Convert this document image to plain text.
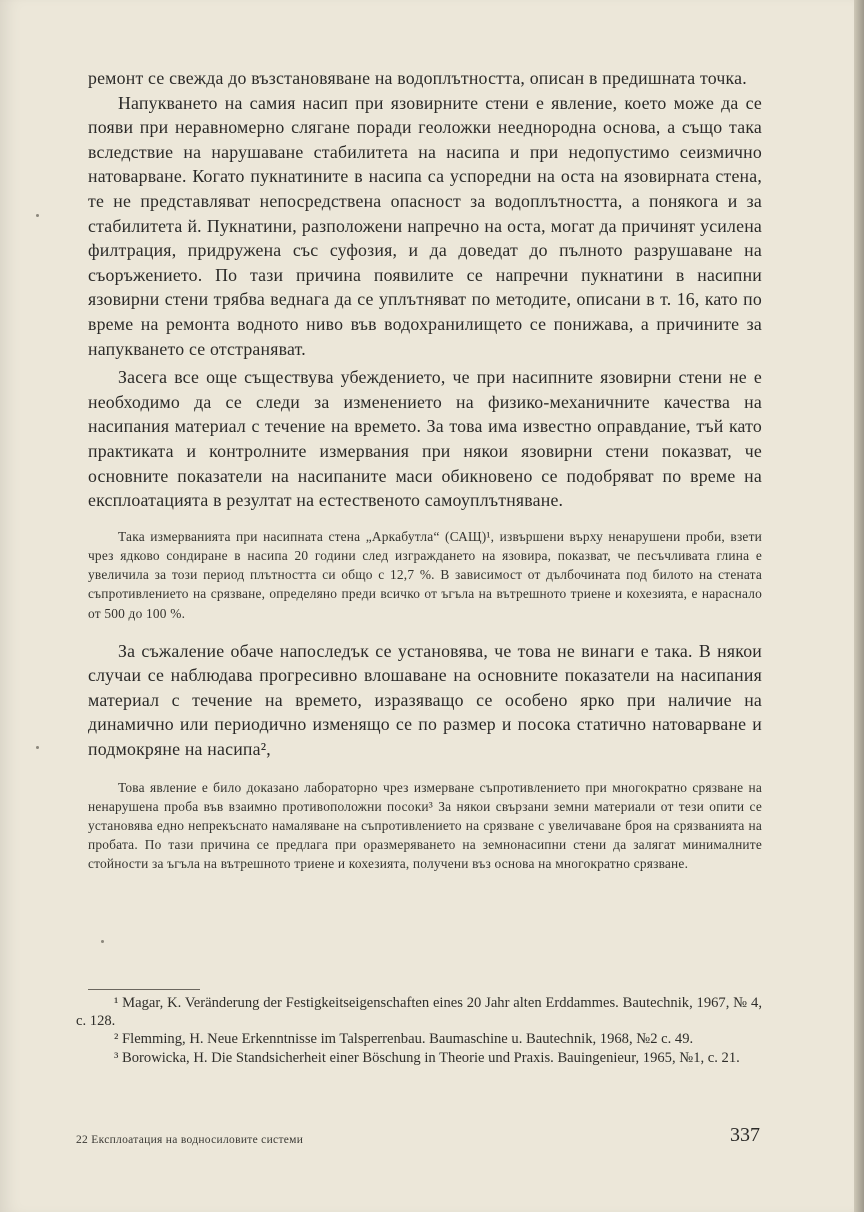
ремонт се свежда до възстановяване на водоплътността, описан в предишната точка.

Напукването на самия насип при язовирните стени е явление, което може да се появи при неравномерно сляганe поради геоложки нееднородна основа, а също така вследствие на нарушаване стабилитета на насипа и при недопустимо сеизмично натоварване. Когато пукнатините в насипа са успоредни на оста на язовирната стена, те не представляват непосредствена опасност за водоплътността, а понякога и за стабилитета й. Пукнатини, разположени напречно на оста, могат да причинят усилена филтрация, придружена със суфозия, и да доведат до пълното разрушаване на съоръжението. По тази причина появилите се напречни пукнатини в насипни язовирни стени трябва веднага да се уплътняват по методите, описани в т. 16, като по време на ремонта водното ниво във водохранилището се понижава, а причините за напукването се отстраняват.

Засега все още съществува убеждението, че при насипните язовирни стени не е необходимо да се следи за изменението на физико-механичните качества на насипания материал с течение на времето. За това има известно оправдание, тъй като практиката и контролните измервания при някои язовирни стени показват, че основните показатели на насипаните маси обикновено се подобряват по време на експлоатацията в резултат на естественото самоуплътняване.

Така измерванията при насипната стена „Аркабутла“ (САЩ)¹, извършени върху ненарушени проби, взети чрез ядково сондиране в насипа 20 години след изграждането на язовира, показват, че песъчливата глина е увеличила за този период плътността си общо с 12,7 %. В зависимост от дълбочината под билото на стената съпротивлението на срязване, определяно преди всичко от ъгъла на вътрешното триене и кохезията, е нараснало от 500 до 100 %.

За съжаление обаче напоследък се установява, че това не винаги е така. В някои случаи се наблюдава прогресивно влошаване на основните показатели на насипания материал с течение на времето, изразяващо се особено ярко при наличие на динамично или периодично изменящо се по размер и посока статично натоварване и подмокряне на насипа²,

Това явление е било доказано лабораторно чрез измерване съпротивлението при многократно срязване на ненарушена проба във взаимно противоположни посоки³ За някои свързани земни материали от тези опити се установява едно непрекъснато намаляване на съпротивлението на срязване с увеличаване броя на срязванията на пробата. По тази причина се предлага при оразмеряването на земнонасипни стени да залягат минималните стойности за ъгъла на вътрешното триене и кохезията, получени въз основа на многократно срязване.

¹ Magar, K. Veränderung der Festigkeitseigenschaften eines 20 Jahr alten Erddammes. Bautechnik, 1967, № 4, c. 128.

² Flemming, H. Neue Erkenntnisse im Talsperrenbau. Baumaschine u. Bautechnik, 1968, №2 c. 49.

³ Borowicka, H. Die Standsicherheit einer Böschung in Theorie und Praxis. Bauingenieur, 1965, №1, c. 21.

22 Експлоатация на водносиловите системи	337
